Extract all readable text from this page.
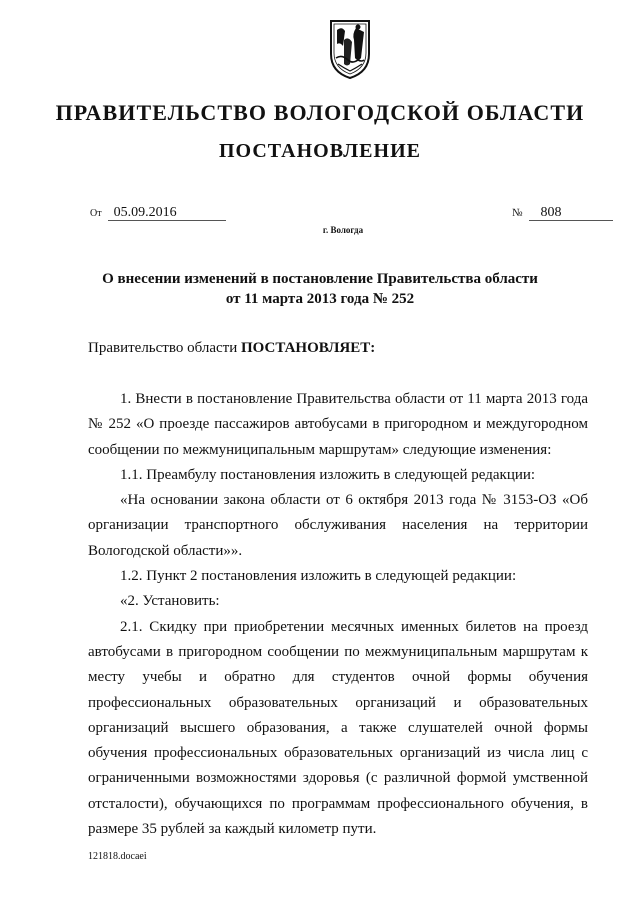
ПРАВИТЕЛЬСТВО ВОЛОГОДСКОЙ ОБЛАСТИ
ПОСТАНОВЛЕНИЕ
От 05.09.2016	№ 808
г. Вологда
О внесении изменений в постановление Правительства области
от 11 марта 2013 года № 252
Правительство области ПОСТАНОВЛЯЕТ:

1. Внести в постановление Правительства области от 11 марта 2013 года № 252 «О проезде пассажиров автобусами в пригородном и междугородном сообщении по межмуниципальным маршрутам» следующие изменения:

1.1. Преамбулу постановления изложить в следующей редакции:

«На основании закона области от 6 октября 2013 года № 3153-ОЗ «Об организации транспортного обслуживания населения на территории Вологодской области»».

1.2. Пункт 2 постановления изложить в следующей редакции:

«2. Установить:

2.1. Скидку при приобретении месячных именных билетов на проезд автобусами в пригородном сообщении по межмуниципальным маршрутам к месту учебы и обратно для студентов очной формы обучения профессиональных образовательных организаций и образовательных организаций высшего образования, а также слушателей очной формы обучения профессиональных образовательных организаций из числа лиц с ограниченными возможностями здоровья (с различной формой умственной отсталости), обучающихся по программам профессионального обучения, в размере 35 рублей за каждый километр пути.

121818.docaei
